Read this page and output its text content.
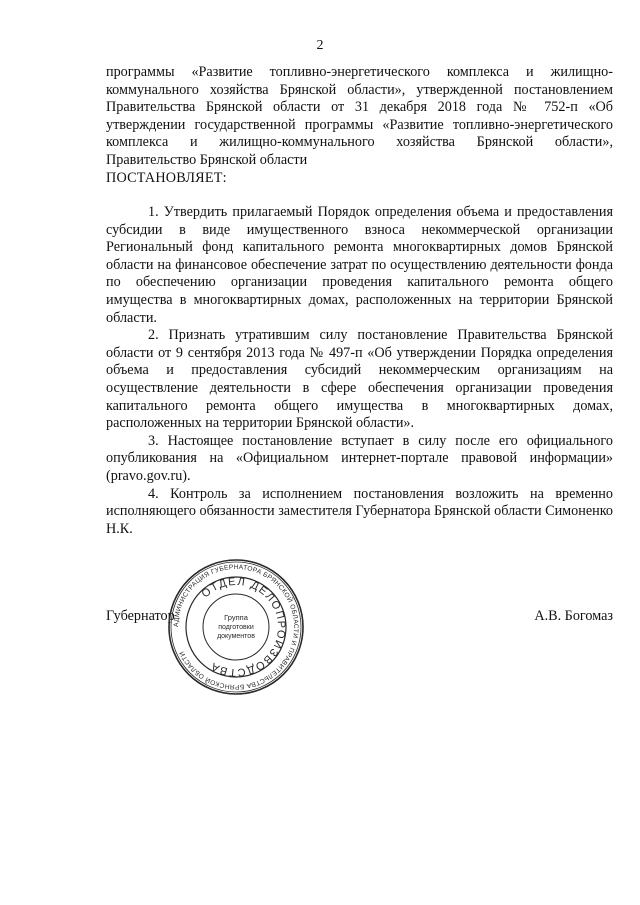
2

программы «Развитие топливно-энергетического комплекса и жилищно-коммунального хозяйства Брянской области», утвержденной постановлением Правительства Брянской области от 31 декабря 2018 года № 752-п «Об утверждении государственной программы «Развитие топливно-энергетического комплекса и жилищно-коммунального хозяйства Брянской области», Правительство Брянской области

ПОСТАНОВЛЯЕТ:

1. Утвердить прилагаемый Порядок определения объема и предоставления субсидии в виде имущественного взноса некоммерческой организации Региональный фонд капитального ремонта многоквартирных домов Брянской области на финансовое обеспечение затрат по осуществлению деятельности фонда по обеспечению организации проведения капитального ремонта общего имущества в многоквартирных домах, расположенных на территории Брянской области.

2. Признать утратившим силу постановление Правительства Брянской области от 9 сентября 2013 года № 497-п «Об утверждении Порядка определения объема и предоставления субсидий некоммерческим организациям на осуществление деятельности в сфере обеспечения организации проведения капитального ремонта общего имущества в многоквартирных домах, расположенных на территории Брянской области».

3. Настоящее постановление вступает в силу после его официального опубликования на «Официальном интернет-портале правовой информации» (pravo.gov.ru).

4. Контроль за исполнением постановления возложить на временно исполняющего обязанности заместителя Губернатора Брянской области Симоненко Н.К.

Губернатор	А.В. Богомаз
АДМИНИСТРАЦИЯ ГУБЕРНАТОРА БРЯНСКОЙ ОБЛАСТИ И ПРАВИТЕЛЬСТВА БРЯНСКОЙ ОБЛАСТИ
ОТДЕЛ ДЕЛОПРОИЗВОДСТВА
Группа
подготовки
документов
